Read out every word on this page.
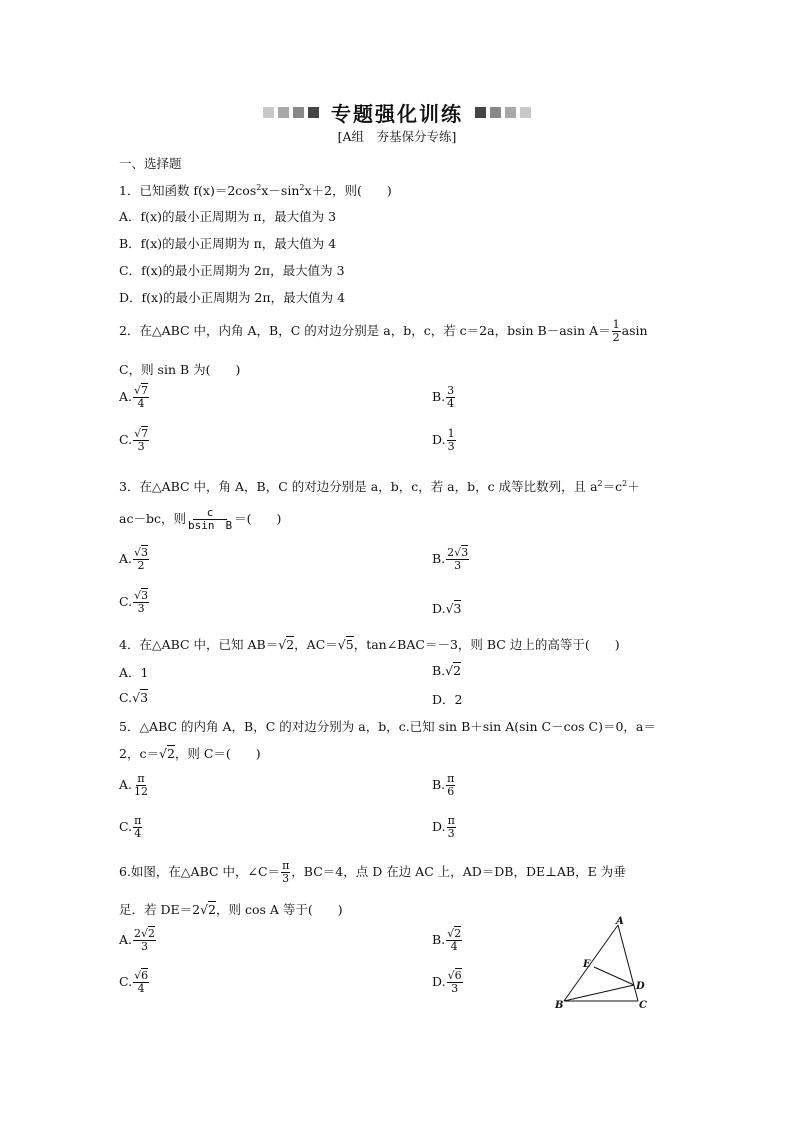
专题强化训练
[A组　夯基保分专练]
一、选择题
1．已知函数 $f(x)=2\cos^2x-\sin^2x+2$，则(　　)
A．f(x)的最小正周期为 π，最大值为 3
B．f(x)的最小正周期为 π，最大值为 4
C．f(x)的最小正周期为 2π，最大值为 3
D．f(x)的最小正周期为 2π，最大值为 4
2．在△ABC 中，内角 A，B，C 的对边分别是 a，b，c，若 c＝2a，bsin B－asin $A= \frac{1}{2}$ asin
C，则 sin B 为(　　)
A. $\frac{√7}{4}$	B. $\frac{3}{4}$
C. $\frac{√7}{3}$	D. $\frac{1}{3}$
3．在△ABC 中，角 A，B，C 的对边分别是 a，b，c，若 a，b，c 成等比数列，且 $a^2=c^2+$
ac－bc，则 $\frac{c}{\text{bsin　B}}$ ＝(　　)
A. $\frac{√3}{2}$	B. $\frac{2√3}{3}$
C. $\frac{√3}{3}$	D.√3
4．在△ABC 中，已知 AB＝√2，AC＝√5，tan∠BAC＝－3，则 BC 边上的高等于(　　)
A．1	B.√2
C.√3	D．2
5．△ABC 的内角 A，B，C 的对边分别为 a，b，c.已知 sin B＋sin A(sin C－cos C)＝0，a＝
2，c＝√2，则 C＝(　　)
A. $\frac{\pi}{12}$	B. $\frac{\pi}{6}$
C. $\frac{\pi}{4}$	D. $\frac{\pi}{3}$
6.如图，在△ABC 中，∠C＝ $\frac{\pi}{3}$ ，BC＝4，点 D 在边 AC 上，AD＝DB，DE⊥AB，E 为垂
足．若 DE＝2√2，则 cos A 等于(　　)
A. $\frac{2√2}{3}$	B. $\frac{√2}{4}$
C. $\frac{√6}{4}$	D. $\frac{√6}{3}$
A
E
D
B	C
